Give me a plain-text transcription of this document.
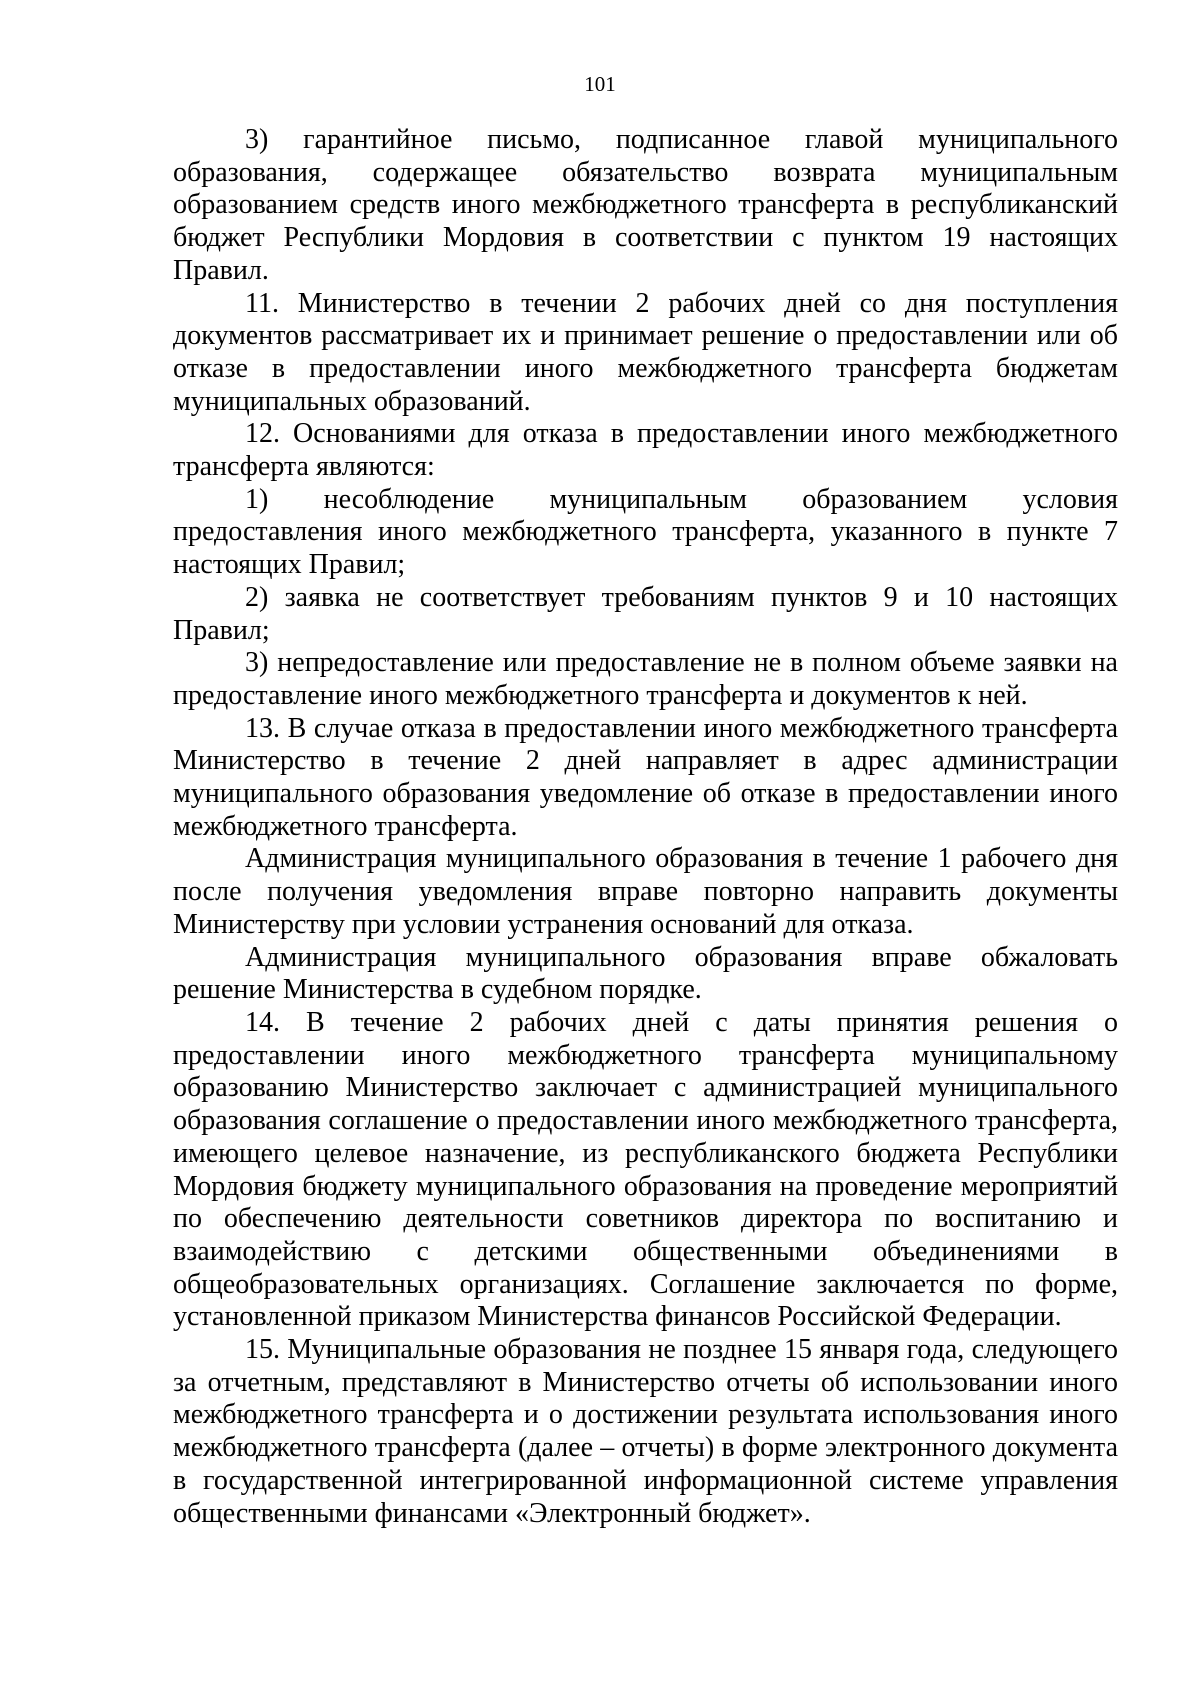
101

3) гарантийное письмо, подписанное главой муниципального образования, содержащее обязательство возврата муниципальным образованием средств иного межбюджетного трансферта в республиканский бюджет Республики Мордовия в соответствии с пунктом 19 настоящих Правил.

11. Министерство в течении 2 рабочих дней со дня поступления документов рассматривает их и принимает решение о предоставлении или об отказе в предоставлении иного межбюджетного трансферта бюджетам муниципальных образований.

12. Основаниями для отказа в предоставлении иного межбюджетного трансферта являются:

1) несоблюдение муниципальным образованием условия предоставления иного межбюджетного трансферта, указанного в пункте 7 настоящих Правил;

2) заявка не соответствует требованиям пунктов 9 и 10 настоящих Правил;

3) непредоставление или предоставление не в полном объеме заявки на предоставление иного межбюджетного трансферта и документов к ней.

13. В случае отказа в предоставлении иного межбюджетного трансферта Министерство в течение 2 дней направляет в адрес администрации муниципального образования уведомление об отказе в предоставлении иного межбюджетного трансферта.

Администрация муниципального образования в течение 1 рабочего дня после получения уведомления вправе повторно направить документы Министерству при условии устранения оснований для отказа.

Администрация муниципального образования вправе обжаловать решение Министерства в судебном порядке.

14. В течение 2 рабочих дней с даты принятия решения о предоставлении иного межбюджетного трансферта муниципальному образованию Министерство заключает с администрацией муниципального образования соглашение о предоставлении иного межбюджетного трансферта, имеющего целевое назначение, из республиканского бюджета Республики Мордовия бюджету муниципального образования на проведение мероприятий по обеспечению деятельности советников директора по воспитанию и взаимодействию с детскими общественными объединениями в общеобразовательных организациях. Соглашение заключается по форме, установленной приказом Министерства финансов Российской Федерации.

15. Муниципальные образования не позднее 15 января года, следующего за отчетным, представляют в Министерство отчеты об использовании иного межбюджетного трансферта и о достижении результата использования иного межбюджетного трансферта (далее – отчеты) в форме электронного документа в государственной интегрированной информационной системе управления общественными финансами «Электронный бюджет».
